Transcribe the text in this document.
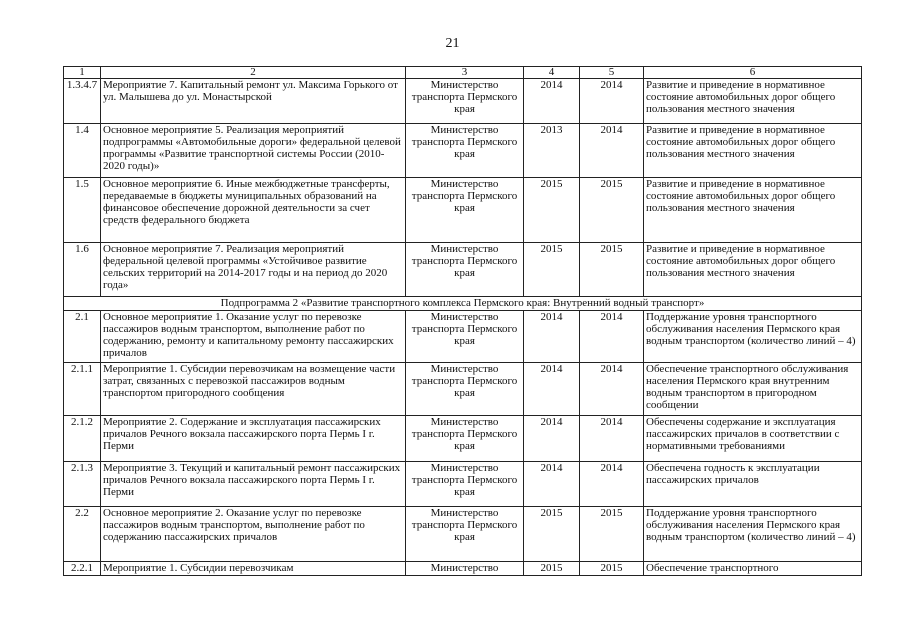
21
1	2	3	4	5	6
1.3.4.7	Мероприятие 7. Капитальный ремонт ул. Максима Горького от ул. Малышева до ул. Монастырской	Министерство транспорта Пермского края	2014	2014	Развитие и приведение в нормативное состояние автомобильных дорог общего пользования местного значения
1.4	Основное мероприятие 5. Реализация мероприятий подпрограммы «Автомобильные дороги» федеральной целевой программы «Развитие транспортной системы России (2010-2020 годы)»	Министерство транспорта Пермского края	2013	2014	Развитие и приведение в нормативное состояние автомобильных дорог общего пользования местного значения
1.5	Основное мероприятие 6. Иные межбюджетные трансферты, передаваемые в бюджеты муниципальных образований на финансовое обеспечение дорожной деятельности за счет средств федерального бюджета	Министерство транспорта Пермского края	2015	2015	Развитие и приведение в нормативное состояние автомобильных дорог общего пользования местного значения
1.6	Основное мероприятие 7. Реализация мероприятий федеральной целевой программы «Устойчивое развитие сельских территорий на 2014-2017 годы и на период до 2020 года»	Министерство транспорта Пермского края	2015	2015	Развитие и приведение в нормативное состояние автомобильных дорог общего пользования местного значения
Подпрограмма 2 «Развитие транспортного комплекса Пермского края: Внутренний водный транспорт»					
2.1	Основное мероприятие 1. Оказание услуг по перевозке пассажиров водным транспортом, выполнение работ по содержанию, ремонту и капитальному ремонту пассажирских причалов	Министерство транспорта Пермского края	2014	2014	Поддержание уровня транспортного обслуживания населения Пермского края водным транспортом (количество линий – 4)
2.1.1	Мероприятие 1. Субсидии перевозчикам на возмещение части затрат, связанных с перевозкой пассажиров водным транспортом пригородного сообщения	Министерство транспорта Пермского края	2014	2014	Обеспечение транспортного обслуживания населения Пермского края внутренним водным транспортом в пригородном сообщении
2.1.2	Мероприятие 2. Содержание и эксплуатация пассажирских причалов Речного вокзала пассажирского порта Пермь I г. Перми	Министерство транспорта Пермского края	2014	2014	Обеспечены содержание и эксплуатация пассажирских причалов в соответствии с нормативными требованиями
2.1.3	Мероприятие 3. Текущий и капитальный ремонт пассажирских причалов Речного вокзала пассажирского порта Пермь I г. Перми	Министерство транспорта Пермского края	2014	2014	Обеспечена годность к эксплуатации пассажирских причалов
2.2	Основное мероприятие 2. Оказание услуг по перевозке пассажиров водным транспортом, выполнение работ по содержанию пассажирских причалов	Министерство транспорта Пермского края	2015	2015	Поддержание уровня транспортного обслуживания населения Пермского края водным транспортом (количество линий – 4)
2.2.1	Мероприятие 1. Субсидии перевозчикам	Министерство	2015	2015	Обеспечение транспортного
